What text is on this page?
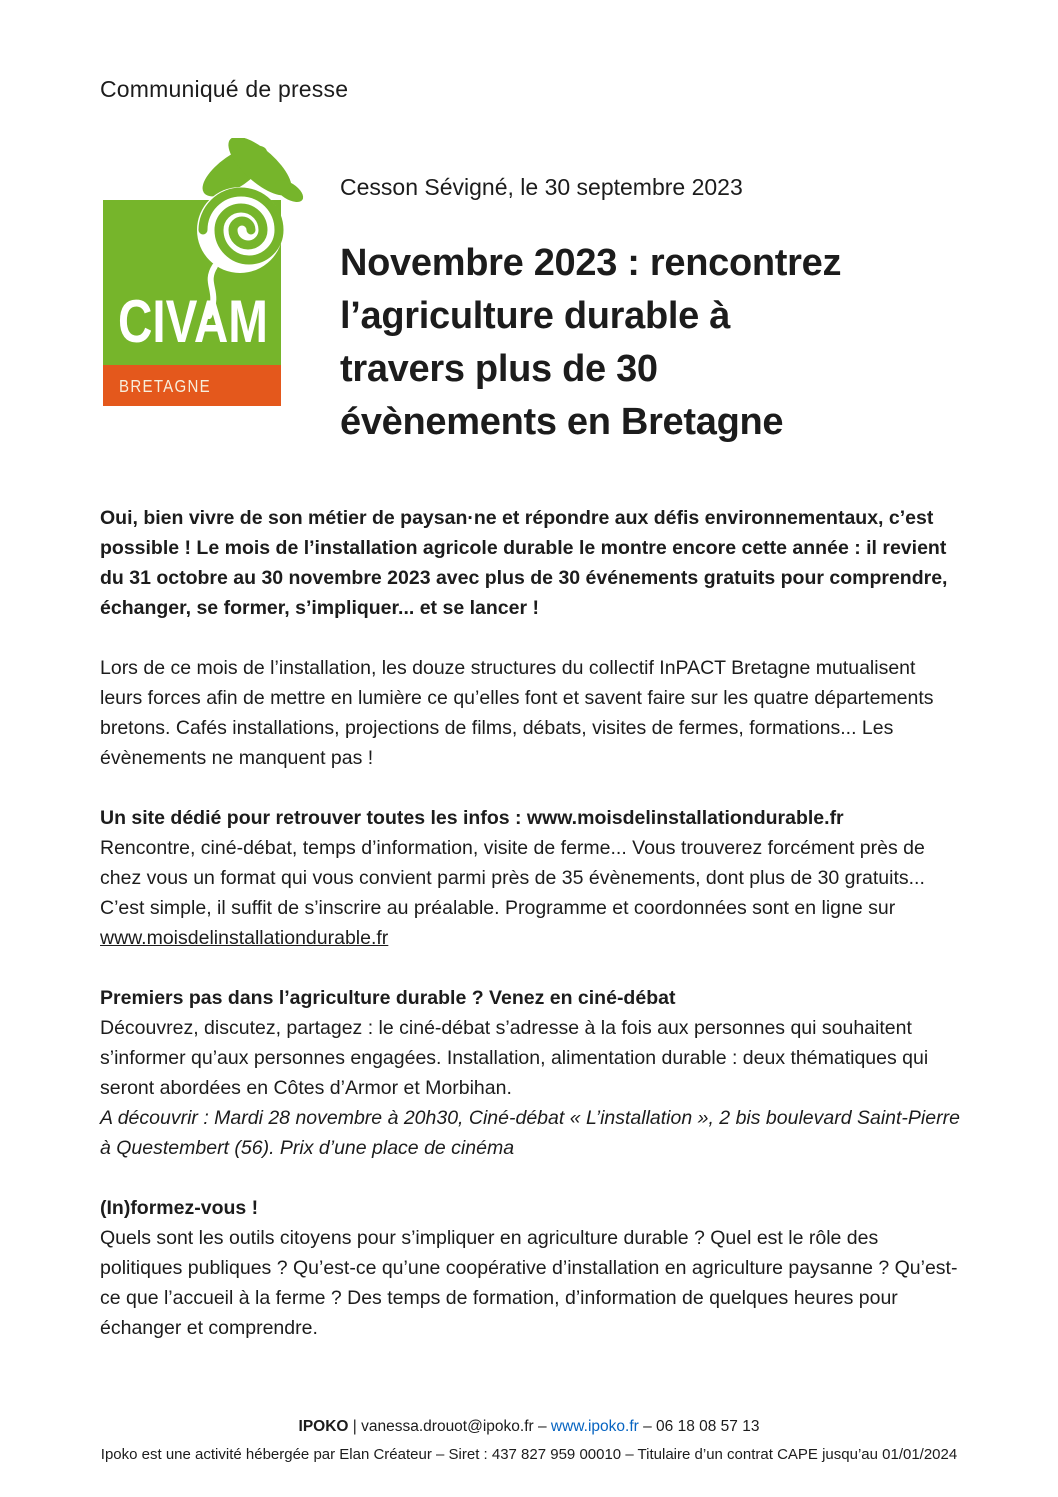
Communiqué de presse
CIVAM
BRETAGNE

Cesson Sévigné, le 30 septembre 2023

Novembre 2023 : rencontrez
l’agriculture durable à
travers plus de 30
évènements en Bretagne

Oui, bien vivre de son métier de paysan·ne et répondre aux défis environnementaux, c’est possible ! Le mois de l’installation agricole durable le montre encore cette année : il revient du 31 octobre au 30 novembre 2023 avec plus de 30 événements gratuits pour comprendre, échanger, se former, s’impliquer... et se lancer !

Lors de ce mois de l’installation, les douze structures du collectif InPACT Bretagne mutualisent leurs forces afin de mettre en lumière ce qu’elles font et savent faire sur les quatre départements bretons. Cafés installations, projections de films, débats, visites de fermes, formations... Les évènements ne manquent pas !

Un site dédié pour retrouver toutes les infos : www.moisdelinstallationdurable.fr
Rencontre, ciné-débat, temps d’information, visite de ferme... Vous trouverez forcément près de chez vous un format qui vous convient parmi près de 35 évènements, dont plus de 30 gratuits... C’est simple, il suffit de s’inscrire au préalable. Programme et coordonnées sont en ligne sur www.moisdelinstallationdurable.fr
Premiers pas dans l’agriculture durable ? Venez en ciné-débat
Découvrez, discutez, partagez : le ciné-débat s’adresse à la fois aux personnes qui souhaitent s’informer qu’aux personnes engagées. Installation, alimentation durable : deux thématiques qui seront abordées en Côtes d’Armor et Morbihan.
A découvrir : Mardi 28 novembre à 20h30, Ciné-débat « L’installation », 2 bis boulevard Saint-Pierre à Questembert (56). Prix d’une place de cinéma
(In)formez-vous !
Quels sont les outils citoyens pour s’impliquer en agriculture durable ? Quel est le rôle des politiques publiques ? Qu’est-ce qu’une coopérative d’installation en agriculture paysanne ? Qu’est-ce que l’accueil à la ferme ? Des temps de formation, d’information de quelques heures pour échanger et comprendre.
IPOKO | vanessa.drouot@ipoko.fr – www.ipoko.fr – 06 18 08 57 13
Ipoko est une activité hébergée par Elan Créateur – Siret : 437 827 959 00010 – Titulaire d’un contrat CAPE jusqu’au 01/01/2024
